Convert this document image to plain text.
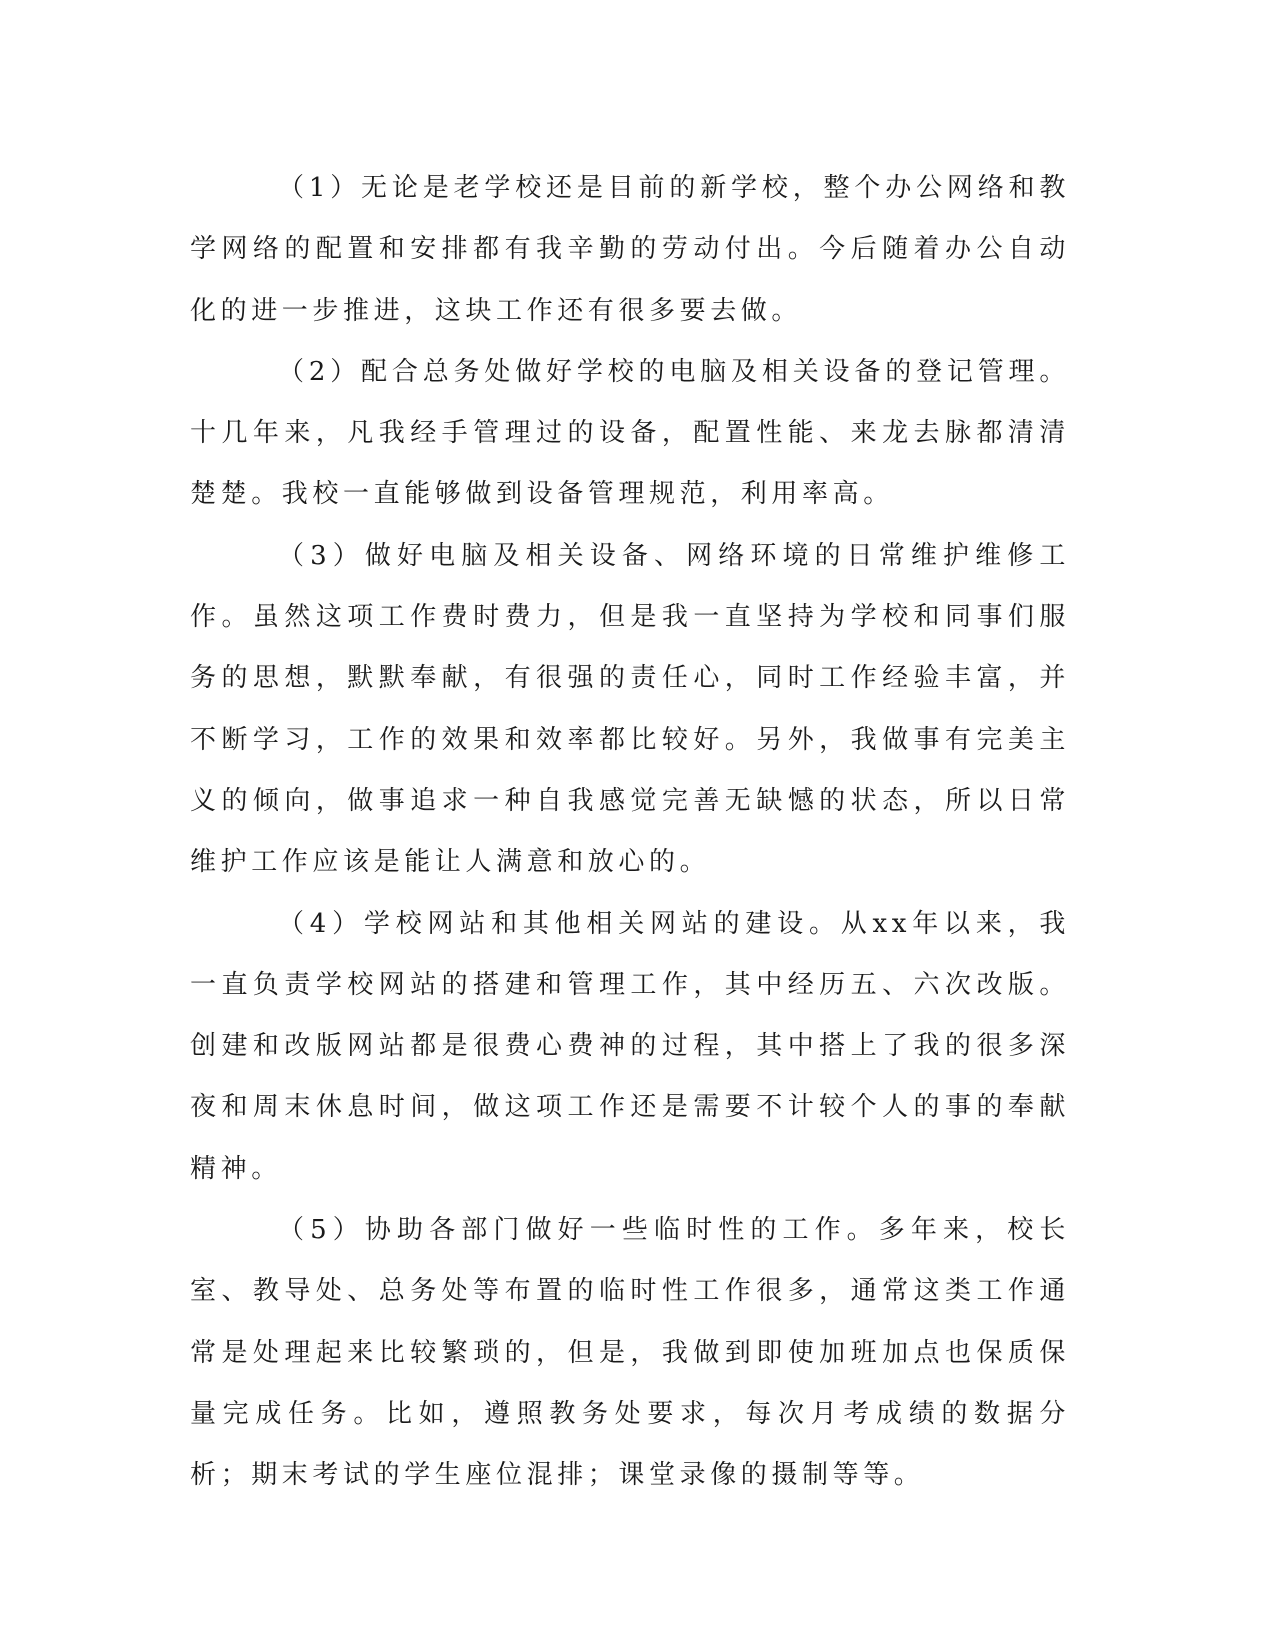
（1）无论是老学校还是目前的新学校，整个办公网络和教学网络的配置和安排都有我辛勤的劳动付出。今后随着办公自动化的进一步推进，这块工作还有很多要去做。

（2）配合总务处做好学校的电脑及相关设备的登记管理。十几年来，凡我经手管理过的设备，配置性能、来龙去脉都清清楚楚。我校一直能够做到设备管理规范，利用率高。

（3）做好电脑及相关设备、网络环境的日常维护维修工作。虽然这项工作费时费力，但是我一直坚持为学校和同事们服务的思想，默默奉献，有很强的责任心，同时工作经验丰富，并不断学习，工作的效果和效率都比较好。另外，我做事有完美主义的倾向，做事追求一种自我感觉完善无缺憾的状态，所以日常维护工作应该是能让人满意和放心的。

（4）学校网站和其他相关网站的建设。从xx年以来，我一直负责学校网站的搭建和管理工作，其中经历五、六次改版。创建和改版网站都是很费心费神的过程，其中搭上了我的很多深夜和周末休息时间，做这项工作还是需要不计较个人的事的奉献精神。

（5）协助各部门做好一些临时性的工作。多年来，校长室、教导处、总务处等布置的临时性工作很多，通常这类工作通常是处理起来比较繁琐的，但是，我做到即使加班加点也保质保量完成任务。比如，遵照教务处要求，每次月考成绩的数据分析；期末考试的学生座位混排；课堂录像的摄制等等。
